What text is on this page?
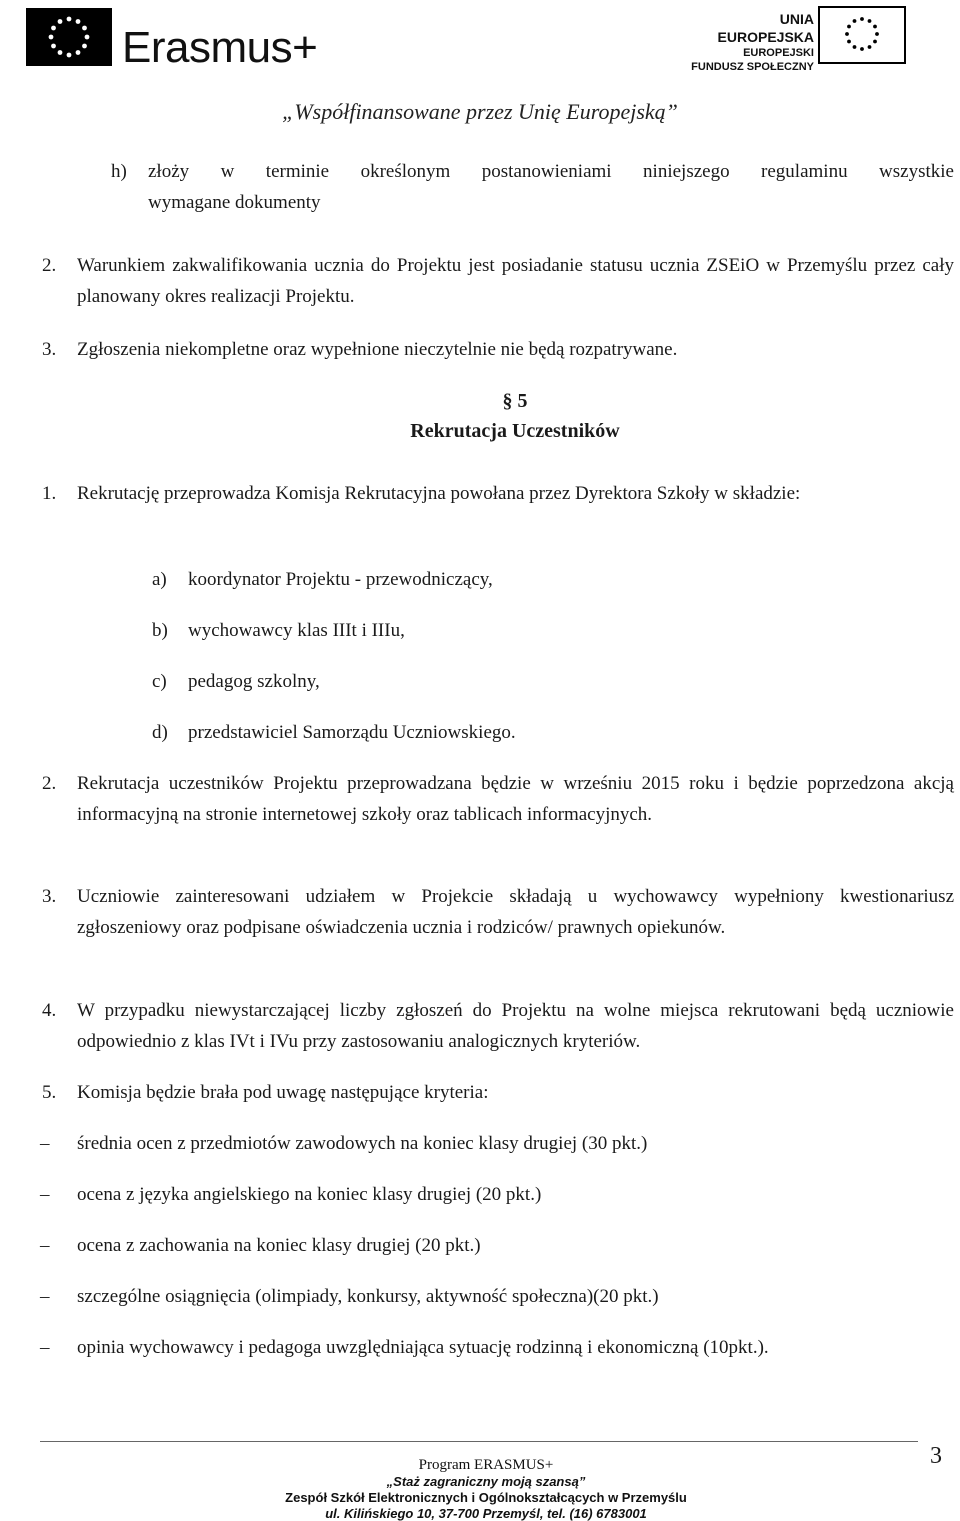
Erasmus+
UNIA EUROPEJSKA
EUROPEJSKI
FUNDUSZ SPOŁECZNY
„Współfinansowane przez Unię Europejską”
h) złoży w terminie określonym postanowieniami niniejszego regulaminu wszystkie
wymagane dokumenty
2. Warunkiem zakwalifikowania ucznia do Projektu jest posiadanie statusu ucznia ZSEiO w Przemyślu przez cały planowany okres realizacji Projektu.
3. Zgłoszenia niekompletne oraz wypełnione nieczytelnie nie będą rozpatrywane.
§ 5
Rekrutacja Uczestników
1. Rekrutację przeprowadza Komisja Rekrutacyjna powołana przez Dyrektora Szkoły w składzie:
a) koordynator Projektu - przewodniczący,
b) wychowawcy klas IIIt i IIIu,
c) pedagog szkolny,
d) przedstawiciel Samorządu Uczniowskiego.
2. Rekrutacja uczestników Projektu przeprowadzana będzie w wrześniu 2015 roku i będzie poprzedzona akcją informacyjną na stronie internetowej szkoły oraz tablicach informacyjnych.
3. Uczniowie zainteresowani udziałem w Projekcie składają u wychowawcy wypełniony kwestionariusz zgłoszeniowy oraz podpisane oświadczenia ucznia i rodziców/ prawnych opiekunów.
4. W przypadku niewystarczającej liczby zgłoszeń do Projektu na wolne miejsca rekrutowani będą uczniowie odpowiednio z klas IVt i IVu przy zastosowaniu analogicznych kryteriów.
5. Komisja będzie brała pod uwagę następujące kryteria:
– średnia ocen z przedmiotów zawodowych na koniec klasy drugiej (30 pkt.)
– ocena z języka angielskiego na koniec klasy drugiej (20 pkt.)
– ocena z zachowania na koniec klasy drugiej (20 pkt.)
– szczególne osiągnięcia (olimpiady, konkursy, aktywność społeczna)(20 pkt.)
– opinia wychowawcy i pedagoga uwzględniająca sytuację rodzinną i ekonomiczną (10pkt.).
Program ERASMUS+
„Staż zagraniczny moją szansą”
Zespół Szkół Elektronicznych i Ogólnokształcących w Przemyślu
ul. Kilińskiego 10, 37-700 Przemyśl, tel. (16) 6783001
3
